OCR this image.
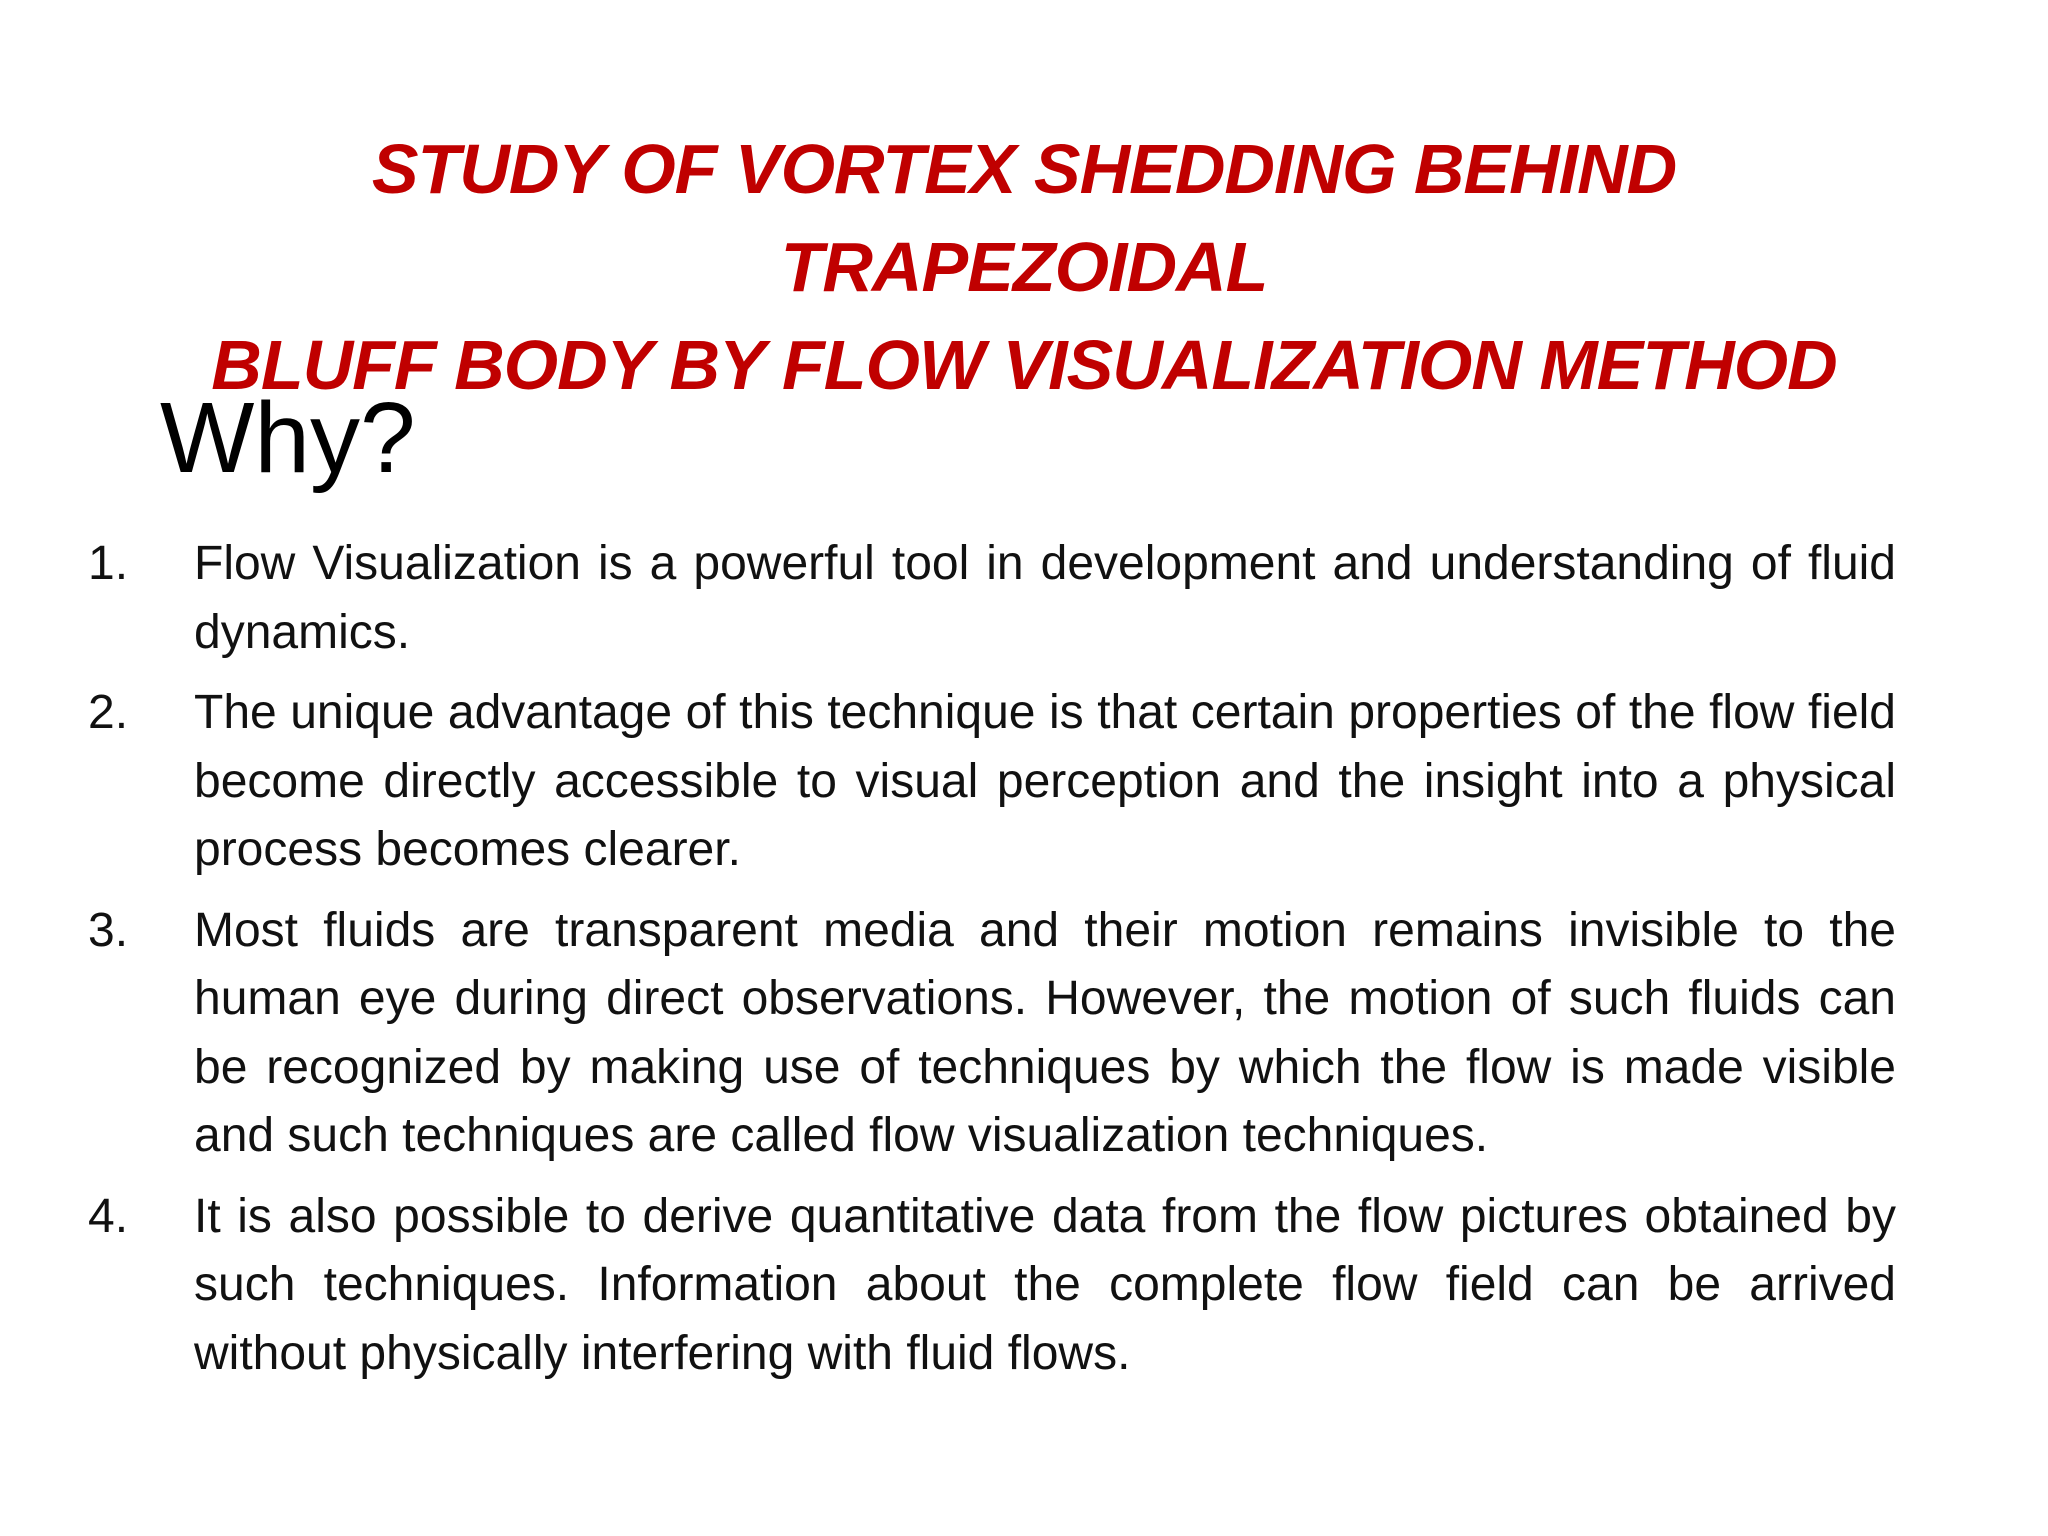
STUDY OF VORTEX SHEDDING BEHIND TRAPEZOIDAL
BLUFF BODY BY FLOW VISUALIZATION METHOD
Why?
1.	Flow Visualization is a powerful tool in development and understanding of fluid dynamics.
2.	The unique advantage of this technique is that certain properties of the flow field become directly accessible to visual perception and the insight into a physical process becomes clearer.
3.	Most fluids are transparent media and their motion remains invisible to the human eye during direct observations. However, the motion of such fluids can be recognized by making use of techniques by which the flow is made visible and such techniques are called flow visualization techniques.
4.	It is also possible to derive quantitative data from the flow pictures obtained by such techniques. Information about the complete flow field can be arrived without physically interfering with fluid flows.
